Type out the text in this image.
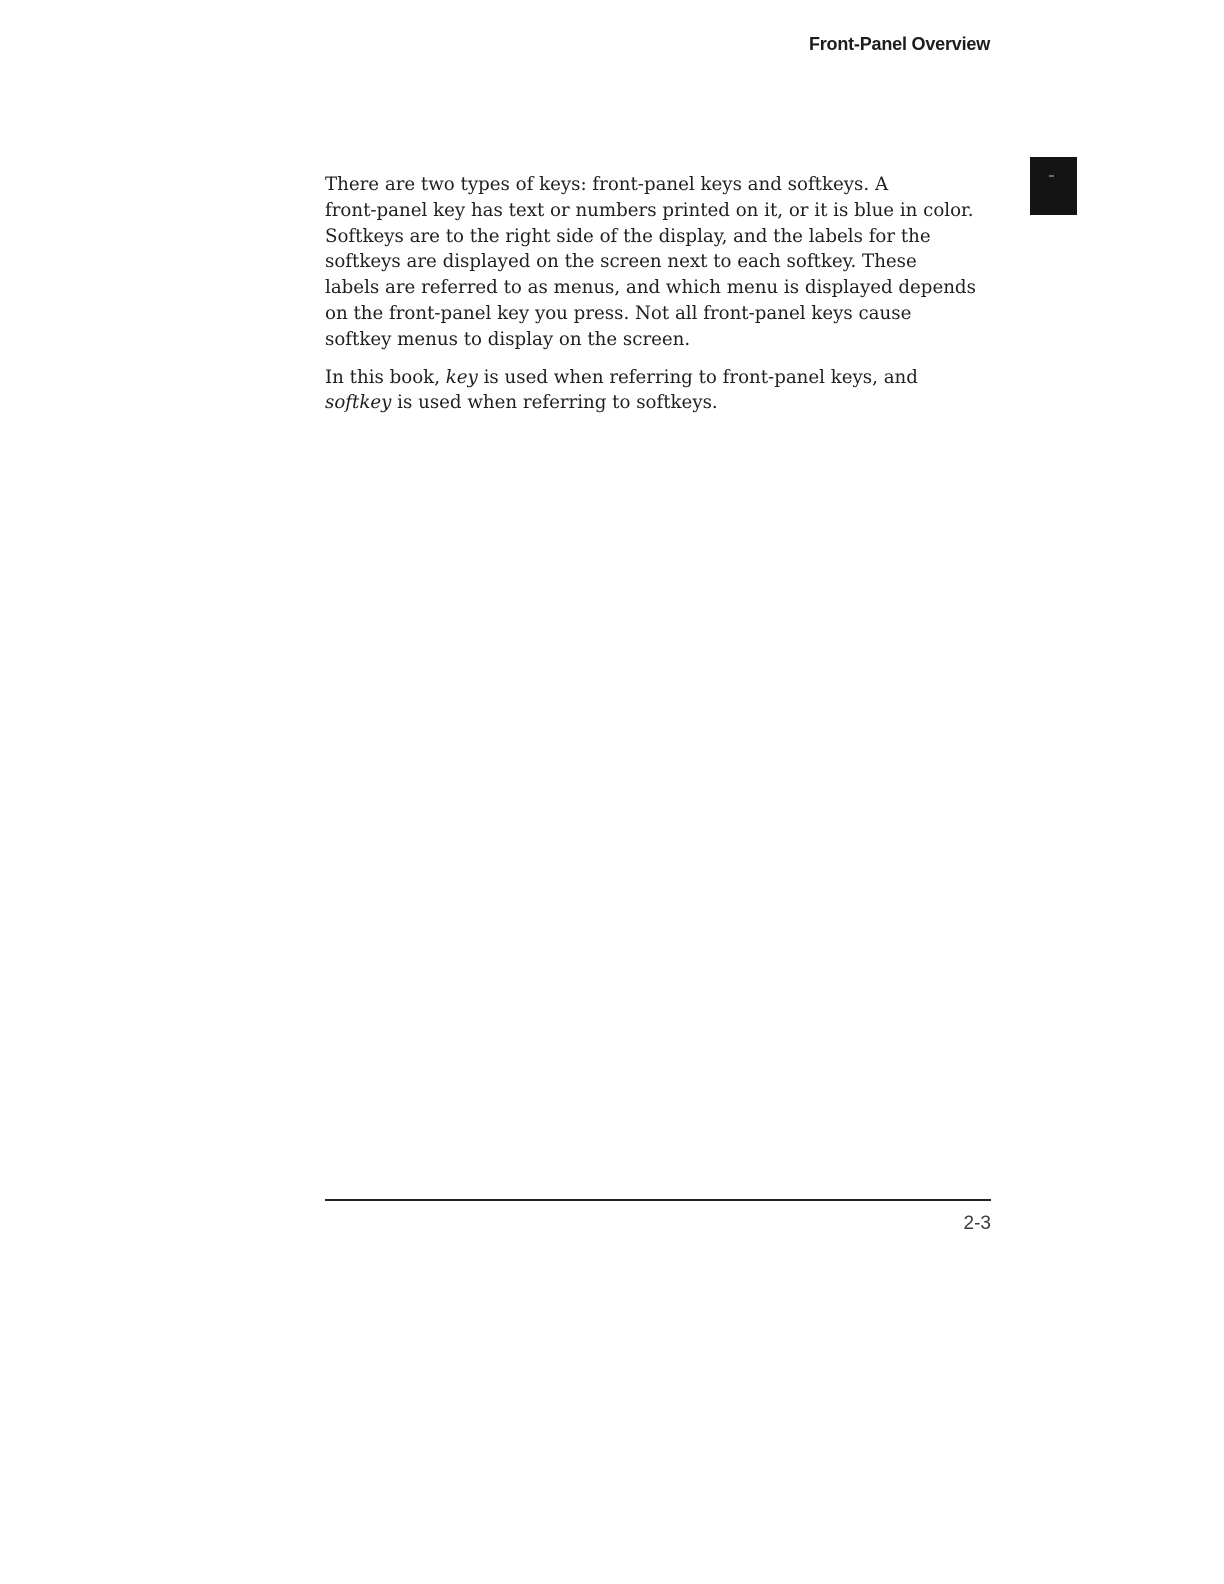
Front-Panel Overview

There are two types of keys: front-panel keys and softkeys. A
front-panel key has text or numbers printed on it, or it is blue in color.
Softkeys are to the right side of the display, and the labels for the
softkeys are displayed on the screen next to each softkey. These
labels are referred to as menus, and which menu is displayed depends
on the front-panel key you press. Not all front-panel keys cause
softkey menus to display on the screen.

In this book, key is used when referring to front-panel keys, and
softkey is used when referring to softkeys.

2-3
